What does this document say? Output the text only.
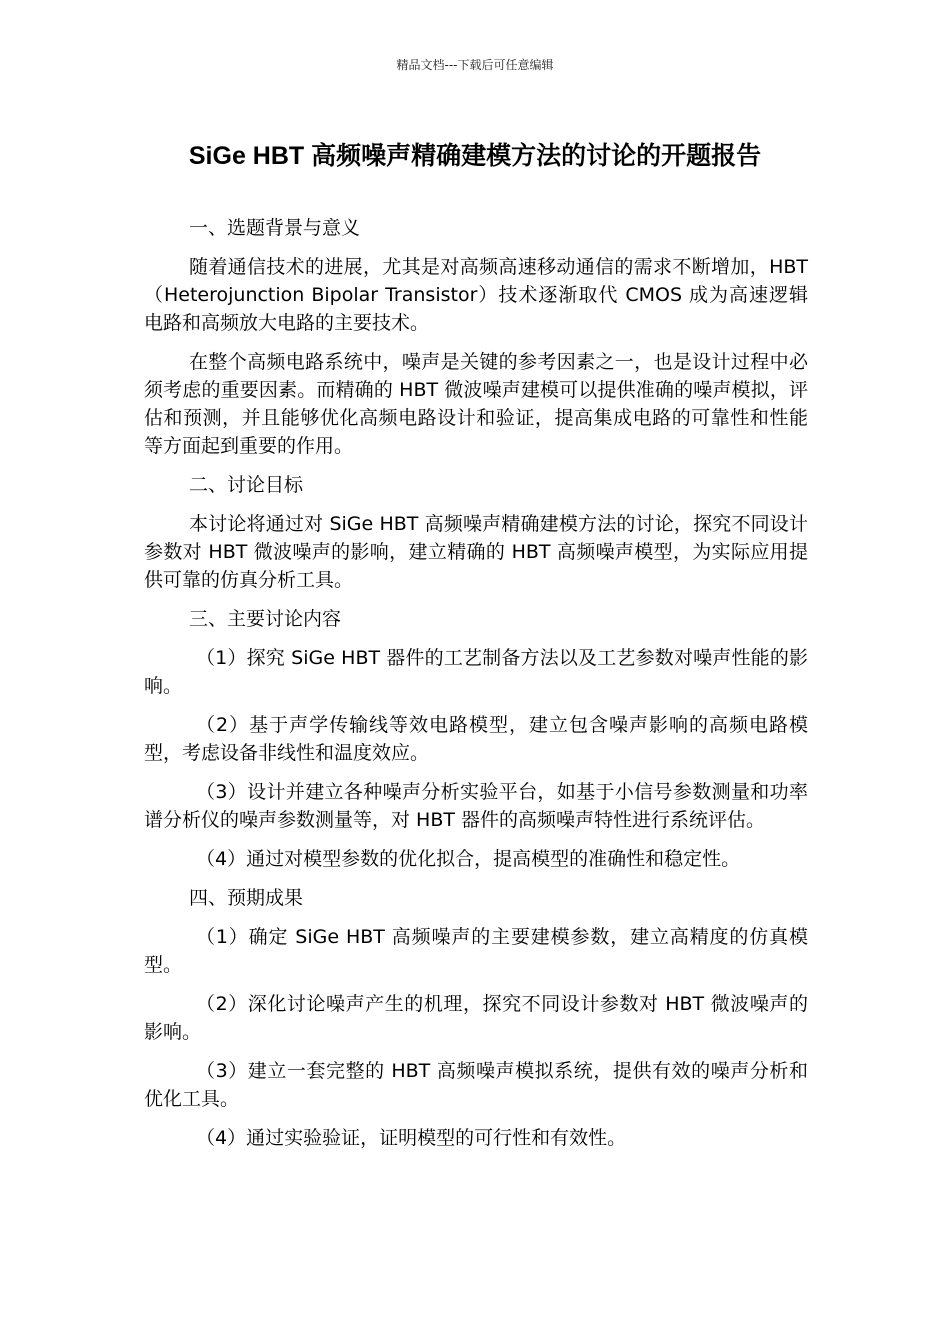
精品文档---下载后可任意编辑
SiGe HBT 高频噪声精确建模方法的讨论的开题报告

一、选题背景与意义

随着通信技术的进展，尤其是对高频高速移动通信的需求不断增加，HBT （Heterojunction Bipolar Transistor）技术逐渐取代 CMOS 成为高速逻辑电路和高频放大电路的主要技术。

在整个高频电路系统中，噪声是关键的参考因素之一，也是设计过程中必须考虑的重要因素。而精确的 HBT 微波噪声建模可以提供准确的噪声模拟，评估和预测，并且能够优化高频电路设计和验证，提高集成电路的可靠性和性能等方面起到重要的作用。

二、讨论目标

本讨论将通过对 SiGe HBT 高频噪声精确建模方法的讨论，探究不同设计参数对 HBT 微波噪声的影响，建立精确的 HBT 高频噪声模型，为实际应用提供可靠的仿真分析工具。

三、主要讨论内容

（1）探究 SiGe HBT 器件的工艺制备方法以及工艺参数对噪声性能的影响。

（2）基于声学传输线等效电路模型，建立包含噪声影响的高频电路模型，考虑设备非线性和温度效应。

（3）设计并建立各种噪声分析实验平台，如基于小信号参数测量和功率谱分析仪的噪声参数测量等，对 HBT 器件的高频噪声特性进行系统评估。

（4）通过对模型参数的优化拟合，提高模型的准确性和稳定性。

四、预期成果

（1）确定 SiGe HBT 高频噪声的主要建模参数，建立高精度的仿真模型。

（2）深化讨论噪声产生的机理，探究不同设计参数对 HBT 微波噪声的影响。

（3）建立一套完整的 HBT 高频噪声模拟系统，提供有效的噪声分析和优化工具。

（4）通过实验验证，证明模型的可行性和有效性。
